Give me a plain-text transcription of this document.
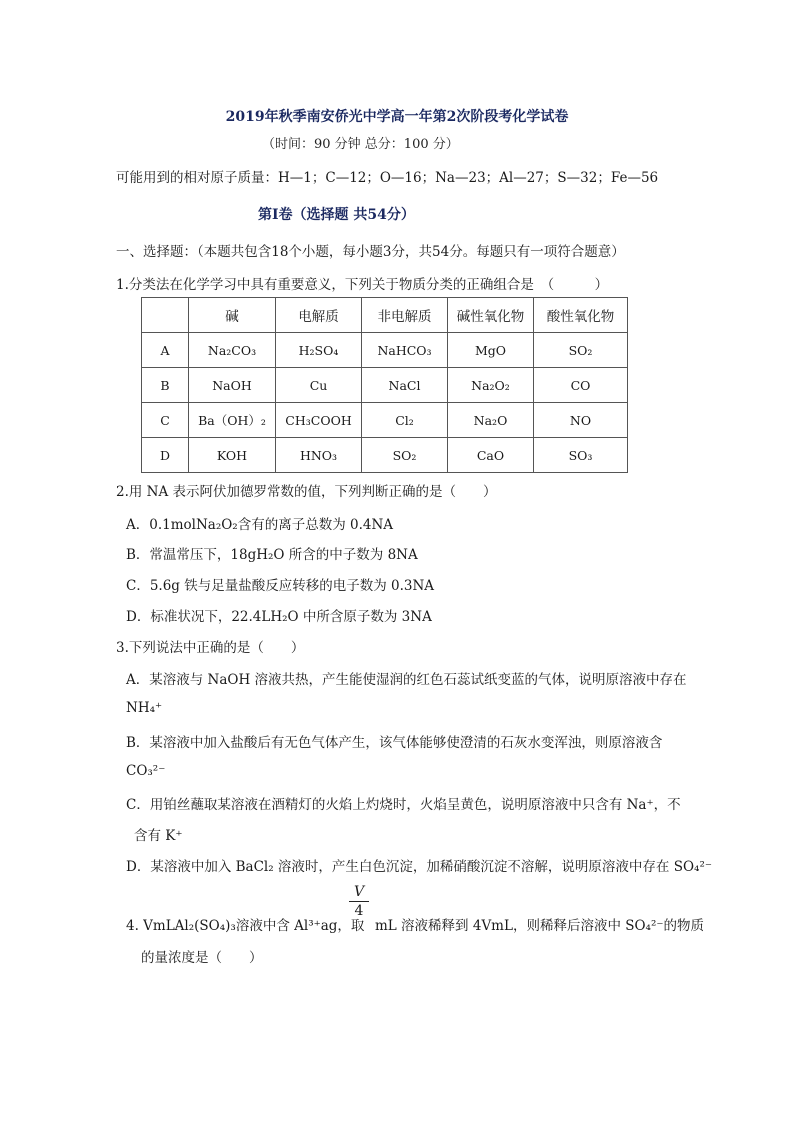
2019年秋季南安侨光中学高一年第2次阶段考化学试卷
（时间：90 分钟 总分：100 分）
可能用到的相对原子质量：H—1；C—12；O—16；Na—23；Al—27；S—32；Fe—56
第Ⅰ卷（选择题 共54分）
一、选择题：（本题共包含18个小题，每小题3分，共54分。每题只有一项符合题意）
1.分类法在化学学习中具有重要意义，下列关于物质分类的正确组合是　（　　　）
	碱	电解质	非电解质	碱性氧化物	酸性氧化物
A	Na₂CO₃	H₂SO₄	NaHCO₃	MgO	SO₂
B	NaOH	Cu	NaCl	Na₂O₂	CO
C	Ba（OH）₂	CH₃COOH	Cl₂	Na₂O	NO
D	KOH	HNO₃	SO₂	CaO	SO₃
2.用 NA 表示阿伏加德罗常数的值，下列判断正确的是（　　）
A．0.1molNa₂O₂含有的离子总数为 0.4NA
B．常温常压下，18gH₂O 所含的中子数为 8NA
C．5.6g 铁与足量盐酸反应转移的电子数为 0.3NA
D．标准状况下，22.4LH₂O 中所含原子数为 3NA
3.下列说法中正确的是（　　）
A．某溶液与 NaOH 溶液共热，产生能使湿润的红色石蕊试纸变蓝的气体，说明原溶液中存在
NH₄⁺
B．某溶液中加入盐酸后有无色气体产生，该气体能够使澄清的石灰水变浑浊，则原溶液含
CO₃²⁻
C．用铂丝蘸取某溶液在酒精灯的火焰上灼烧时，火焰呈黄色，说明原溶液中只含有 Na⁺，不
含有 K⁺
D．某溶液中加入 BaCl₂ 溶液时，产生白色沉淀，加稀硝酸沉淀不溶解，说明原溶液中存在 SO₄²⁻
4. VmLAl₂(SO₄)₃溶液中含 Al³⁺ag，取
V
4
mL 溶液稀释到 4VmL，则稀释后溶液中 SO₄²⁻的物质
的量浓度是（　　）
